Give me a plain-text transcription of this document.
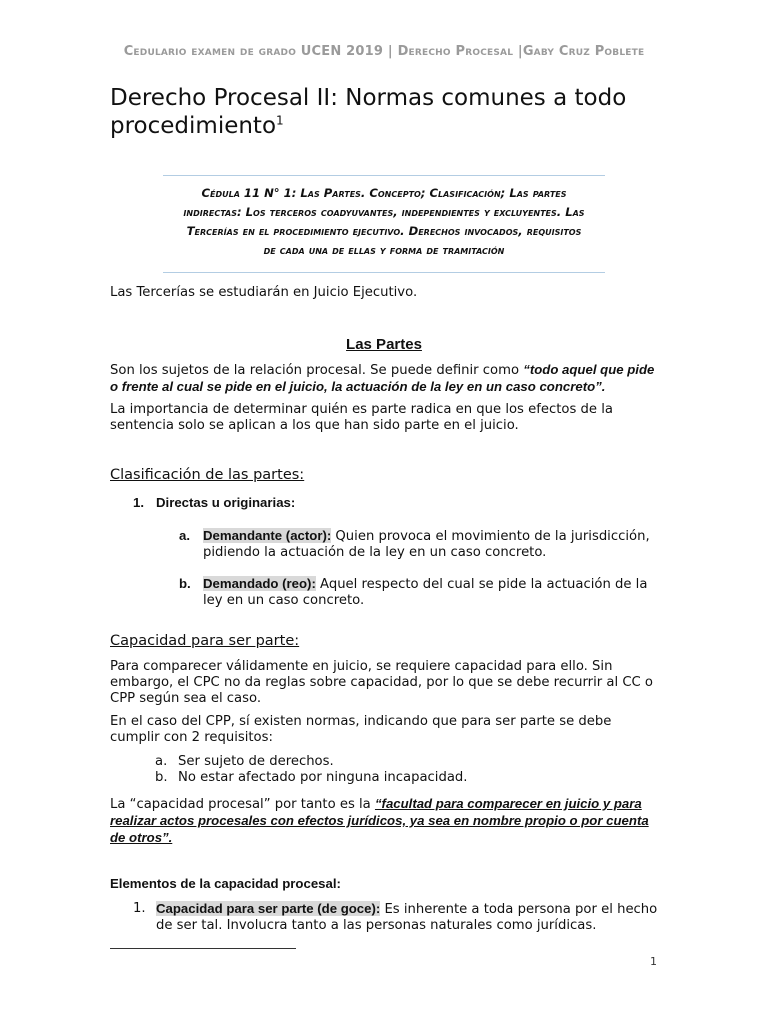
Cedulario examen de grado UCEN 2019 | Derecho Procesal |Gaby Cruz Poblete
Derecho Procesal II: Normas comunes a todo procedimiento$^1$
Cédula 11 N° 1: Las Partes. Concepto; Clasificación; Las partes
indirectas: Los terceros coadyuvantes, independientes y excluyentes. Las
Tercerías en el procedimiento ejecutivo. Derechos invocados, requisitos
de cada una de ellas y forma de tramitación
Las Tercerías se estudiarán en Juicio Ejecutivo.
Las Partes
Son los sujetos de la relación procesal. Se puede definir como “todo aquel que pide o frente al cual se pide en el juicio, la actuación de la ley en un caso concreto”.
La importancia de determinar quién es parte radica en que los efectos de la sentencia solo se aplican a los que han sido parte en el juicio.
Clasificación de las partes:
1. Directas u originarias:
a. Demandante (actor): Quien provoca el movimiento de la jurisdicción, pidiendo la actuación de la ley en un caso concreto.
b. Demandado (reo): Aquel respecto del cual se pide la actuación de la ley en un caso concreto.
Capacidad para ser parte:
Para comparecer válidamente en juicio, se requiere capacidad para ello. Sin embargo, el CPC no da reglas sobre capacidad, por lo que se debe recurrir al CC o CPP según sea el caso.
En el caso del CPP, sí existen normas, indicando que para ser parte se debe cumplir con 2 requisitos:
a. Ser sujeto de derechos.
b. No estar afectado por ninguna incapacidad.
La “capacidad procesal” por tanto es la “facultad para comparecer en juicio y para realizar actos procesales con efectos jurídicos, ya sea en nombre propio o por cuenta de otros”.
Elementos de la capacidad procesal:
1. Capacidad para ser parte (de goce): Es inherente a toda persona por el hecho de ser tal. Involucra tanto a las personas naturales como jurídicas.
1
